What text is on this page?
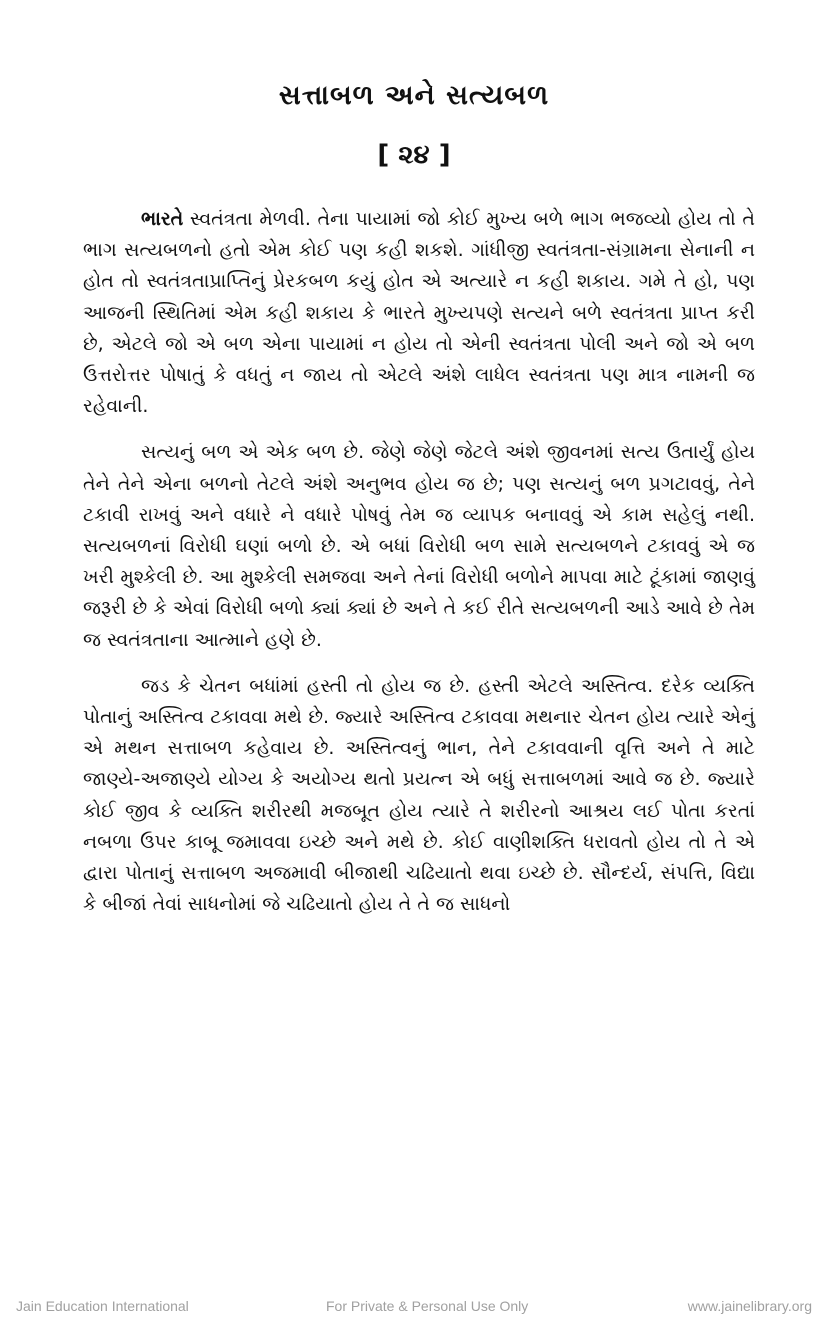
સત્તાબળ અને સત્યબળ
[ ૨૪ ]

ભારતે સ્વતંત્રતા મેળવી. તેના પાયામાં જો કોઈ મુખ્ય બળે ભાગ ભજવ્યો હોય તો તે ભાગ સત્યબળનો હતો એમ કોઈ પણ કહી શકશે. ગાંધીજી સ્વતંત્રતા-સંગ્રામના સેનાની ન હોત તો સ્વતંત્રતાપ્રાપ્તિનું પ્રેરકબળ કયું હોત એ અત્યારે ન કહી શકાય. ગમે તે હો, પણ આજની સ્થિતિમાં એમ કહી શકાય કે ભારતે મુખ્યપણે સત્યને બળે સ્વતંત્રતા પ્રાપ્ત કરી છે, એટલે જો એ બળ એના પાયામાં ન હોય તો એની સ્વતંત્રતા પોલી અને જો એ બળ ઉત્તરોત્તર પોષાતું કે વધતું ન જાય તો એટલે અંશે લાધેલ સ્વતંત્રતા પણ માત્ર નામની જ રહેવાની.

સત્યનું બળ એ એક બળ છે. જેણે જેણે જેટલે અંશે જીવનમાં સત્ય ઉતાર્યું હોય તેને તેને એના બળનો તેટલે અંશે અનુભવ હોય જ છે; પણ સત્યનું બળ પ્રગટાવવું, તેને ટકાવી રાખવું અને વધારે ને વધારે પોષવું તેમ જ વ્યાપક બનાવવું એ કામ સહેલું નથી. સત્યબળનાં વિરોધી ઘણાં બળો છે. એ બધાં વિરોધી બળ સામે સત્યબળને ટકાવવું એ જ ખરી મુશ્કેલી છે. આ મુશ્કેલી સમજવા અને તેનાં વિરોધી બળોને માપવા માટે ટૂંકામાં જાણવું જરૂરી છે કે એવાં વિરોધી બળો ક્યાં ક્યાં છે અને તે કઈ રીતે સત્યબળની આડે આવે છે તેમ જ સ્વતંત્રતાના આત્માને હણે છે.

જડ કે ચેતન બધાંમાં હસ્તી તો હોય જ છે. હસ્તી એટલે અસ્તિત્વ. દરેક વ્યક્તિ પોતાનું અસ્તિત્વ ટકાવવા મથે છે. જ્યારે અસ્તિત્વ ટકાવવા મથનાર ચેતન હોય ત્યારે એનું એ મથન સત્તાબળ કહેવાય છે. અસ્તિત્વનું ભાન, તેને ટકાવવાની વૃત્તિ અને તે માટે જાણ્યે-અજાણ્યે યોગ્ય કે અયોગ્ય થતો પ્રયત્ન એ બધું સત્તાબળમાં આવે જ છે. જ્યારે કોઈ જીવ કે વ્યક્તિ શરીરથી મજબૂત હોય ત્યારે તે શરીરનો આશ્રય લઈ પોતા કરતાં નબળા ઉપર કાબૂ જમાવવા ઇચ્છે અને મથે છે. કોઈ વાણીશક્તિ ધરાવતો હોય તો તે એ દ્વારા પોતાનું સત્તાબળ અજમાવી બીજાથી ચઢિયાતો થવા ઇચ્છે છે. સૌન્દર્ય, સંપત્તિ, વિદ્યા કે બીજાં તેવાં સાધનોમાં જે ચઢિયાતો હોય તે તે જ સાધનો

Jain Education International	For Private & Personal Use Only	www.jainelibrary.org
